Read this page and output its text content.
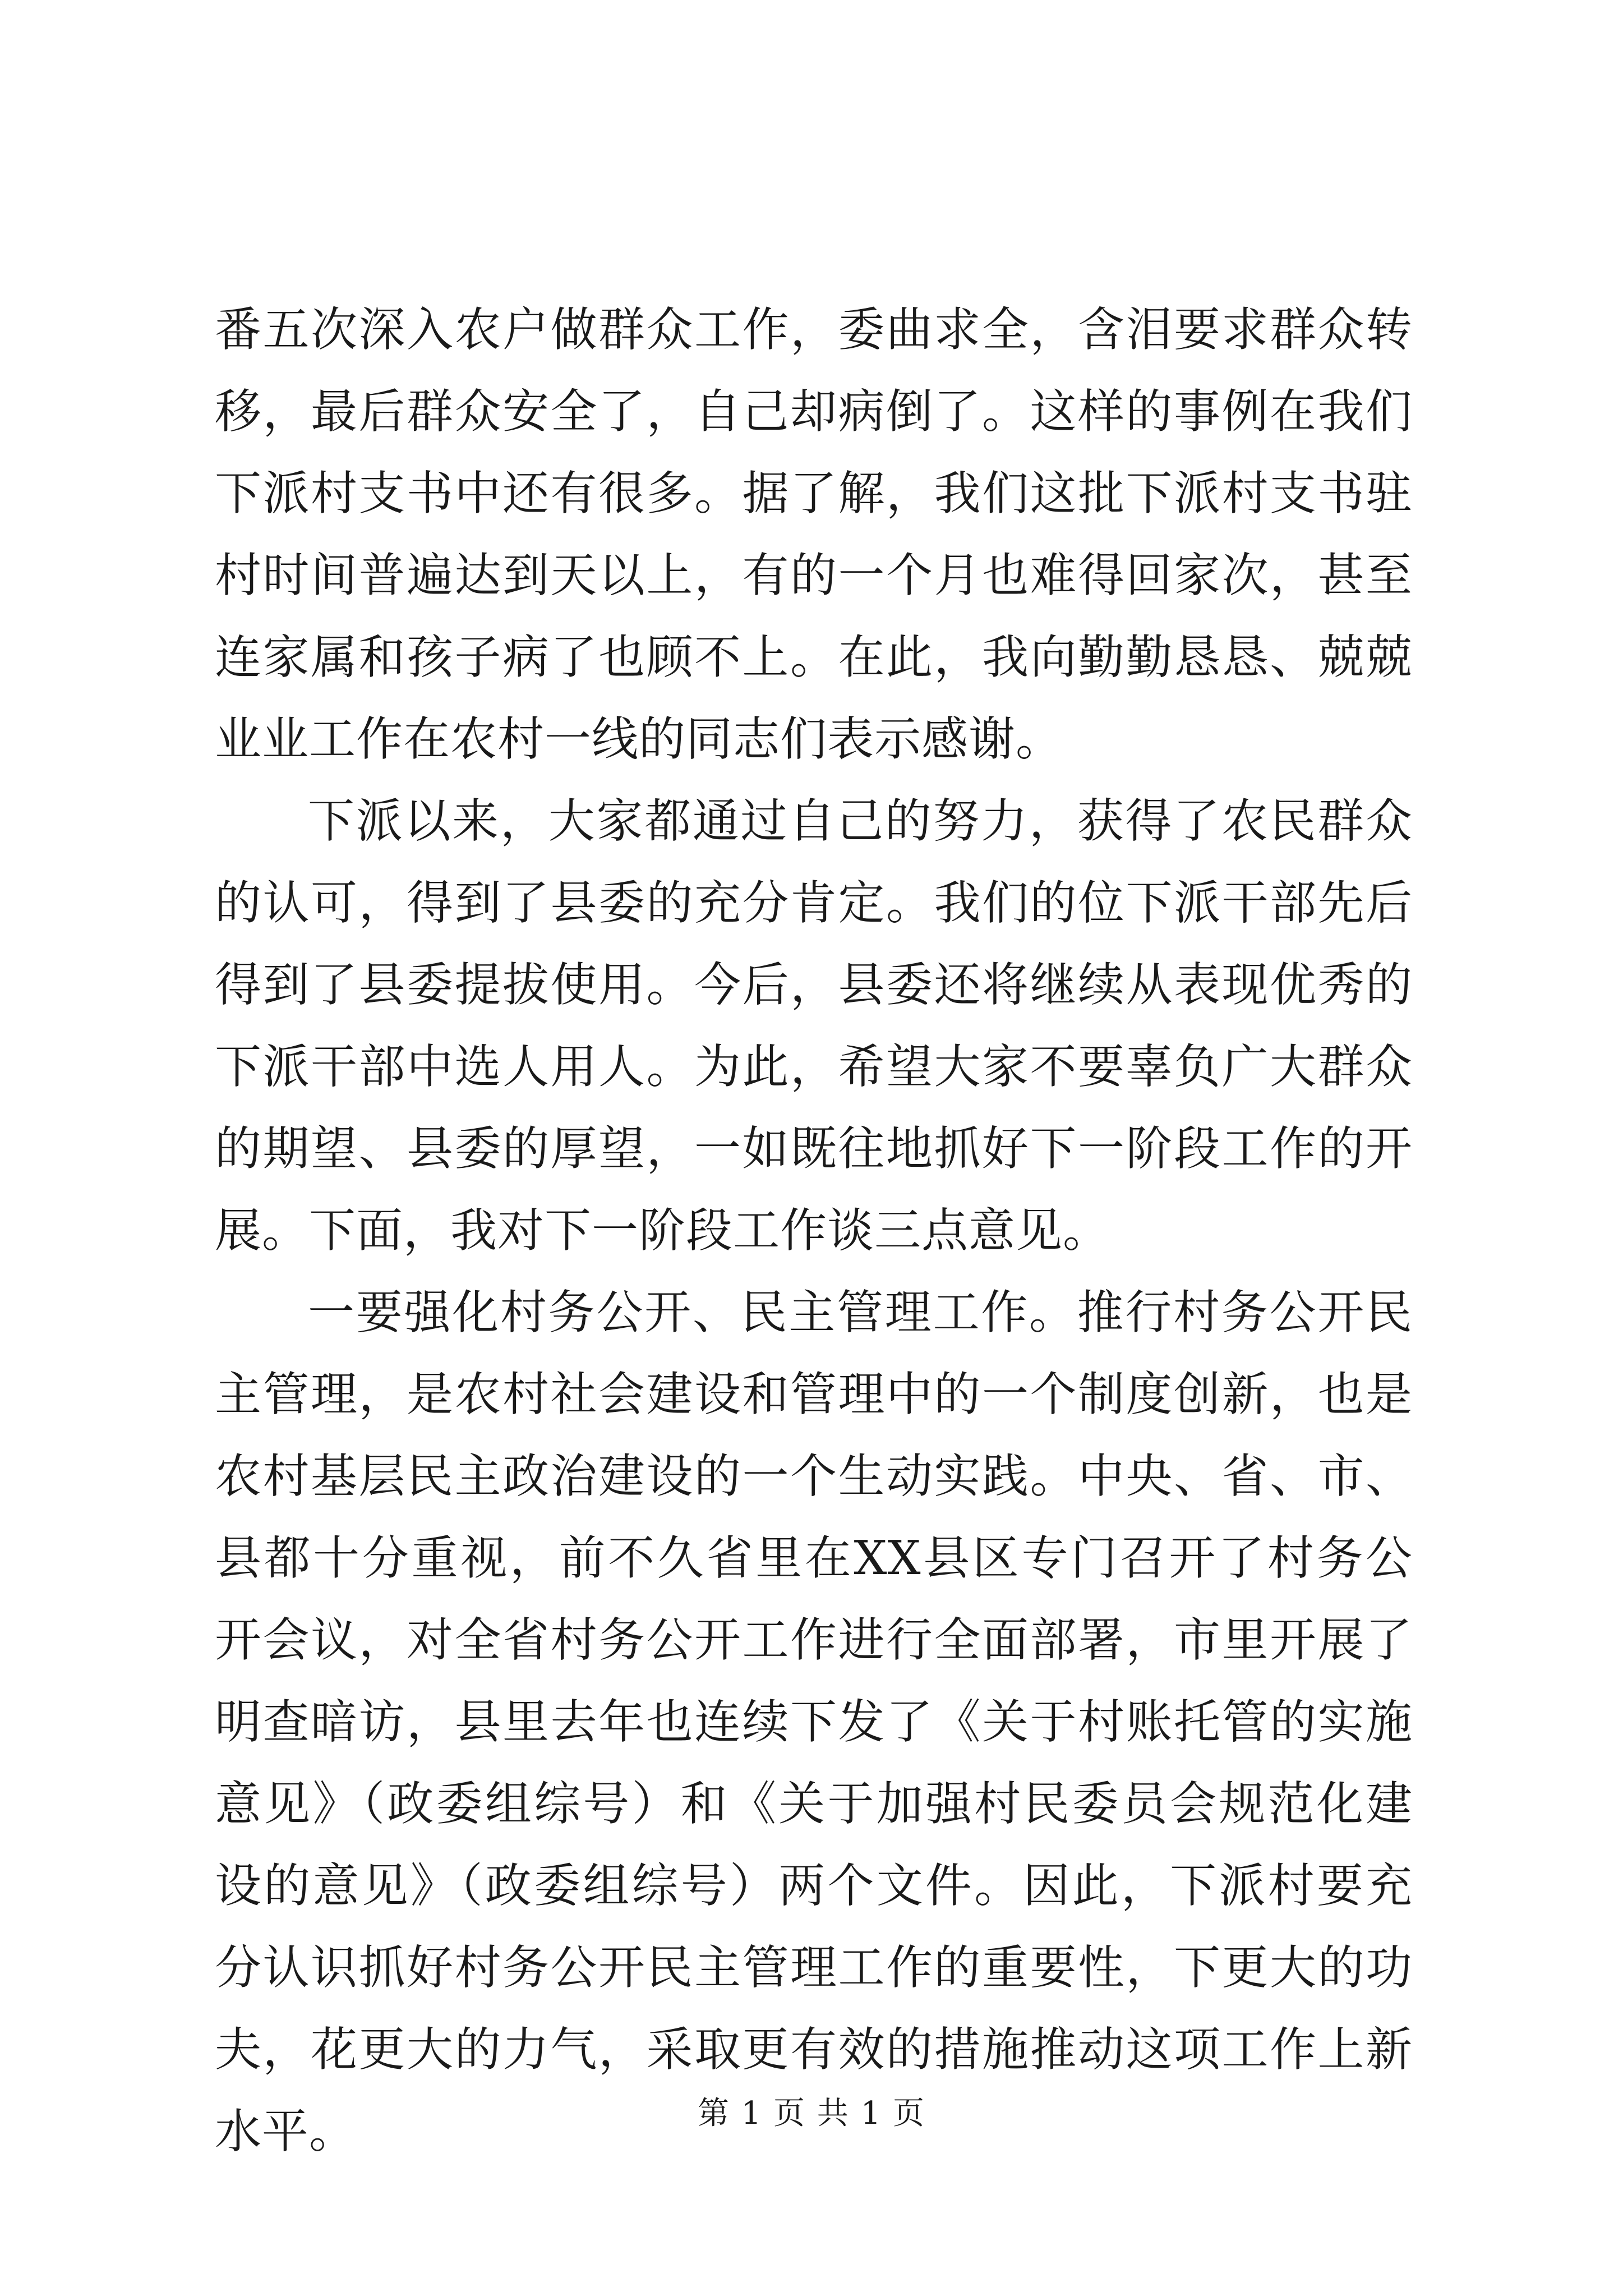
番五次深入农户做群众工作，委曲求全，含泪要求群众转移，最后群众安全了，自己却病倒了。这样的事例在我们下派村支书中还有很多。据了解，我们这批下派村支书驻村时间普遍达到天以上，有的一个月也难得回家次，甚至连家属和孩子病了也顾不上。在此，我向勤勤恳恳、兢兢业业工作在农村一线的同志们表示感谢。

下派以来，大家都通过自己的努力，获得了农民群众的认可，得到了县委的充分肯定。我们的位下派干部先后得到了县委提拔使用。今后，县委还将继续从表现优秀的下派干部中选人用人。为此，希望大家不要辜负广大群众的期望、县委的厚望，一如既往地抓好下一阶段工作的开展。下面，我对下一阶段工作谈三点意见。

一要强化村务公开、民主管理工作。推行村务公开民主管理，是农村社会建设和管理中的一个制度创新，也是农村基层民主政治建设的一个生动实践。中央、省、市、县都十分重视，前不久省里在XX县区专门召开了村务公开会议，对全省村务公开工作进行全面部署，市里开展了明查暗访，县里去年也连续下发了《关于村账托管的实施意见》（政委组综号）和《关于加强村民委员会规范化建设的意见》（政委组综号）两个文件。因此，下派村要充分认识抓好村务公开民主管理工作的重要性，下更大的功夫，花更大的力气，采取更有效的措施推动这项工作上新水平。	第 1 页 共 1 页
